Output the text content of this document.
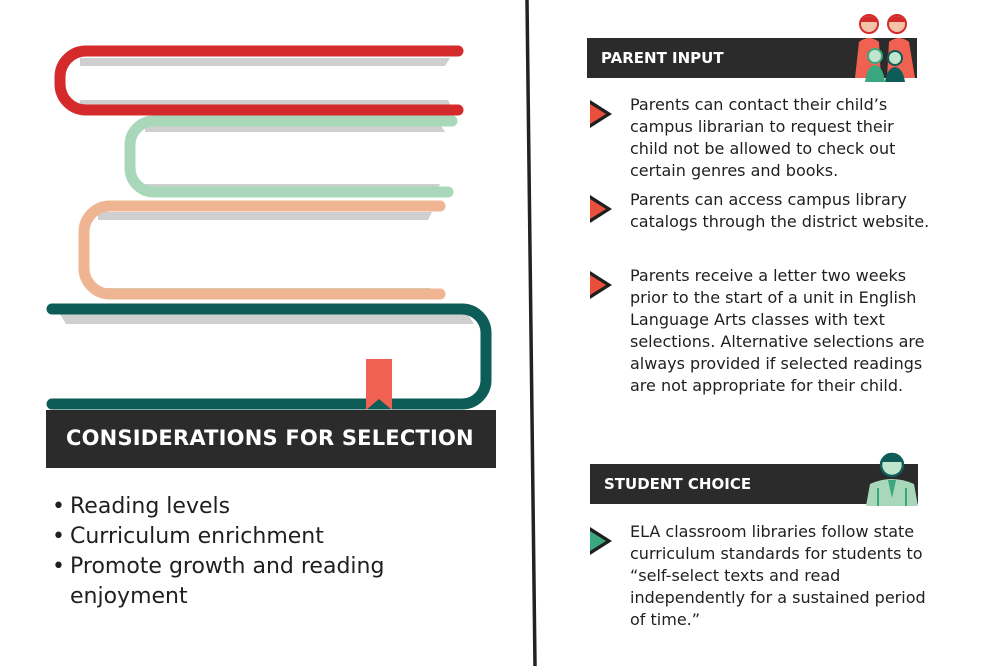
CONSIDERATIONS FOR SELECTION
• Reading levels
• Curriculum enrichment
• Promote growth and reading enjoyment
PARENT INPUT

Parents can contact their child’s campus librarian to request their child not be allowed to check out certain genres and books.

Parents can access campus library catalogs through the district website.

Parents receive a letter two weeks prior to the start of a unit in English Language Arts classes with text selections. Alternative selections are always provided if selected readings are not appropriate for their child.

STUDENT CHOICE

ELA classroom libraries follow state curriculum standards for students to “self-select texts and read independently for a sustained period of time.”
